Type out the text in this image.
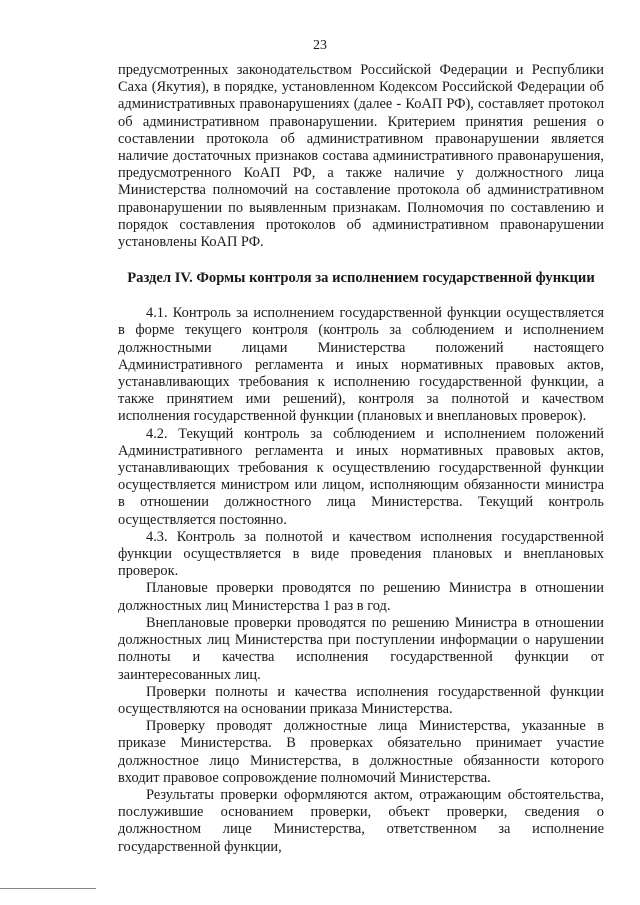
23

предусмотренных законодательством Российской Федерации и Республики Саха (Якутия), в порядке, установленном Кодексом Российской Федерации об административных правонарушениях (далее - КоАП РФ), составляет протокол об административном правонарушении. Критерием принятия решения о составлении протокола об административном правонарушении является наличие достаточных признаков состава административного правонарушения, предусмотренного КоАП РФ, а также наличие у должностного лица Министерства полномочий на составление протокола об административном правонарушении по выявленным признакам. Полномочия по составлению и порядок составления протоколов об административном правонарушении установлены КоАП РФ.

Раздел IV. Формы контроля за исполнением государственной функции

4.1. Контроль за исполнением государственной функции осуществляется в форме текущего контроля (контроль за соблюдением и исполнением должностными лицами Министерства положений настоящего Административного регламента и иных нормативных правовых актов, устанавливающих требования к исполнению государственной функции, а также принятием ими решений), контроля за полнотой и качеством исполнения государственной функции (плановых и внеплановых проверок).

4.2. Текущий контроль за соблюдением и исполнением положений Административного регламента и иных нормативных правовых актов, устанавливающих требования к осуществлению государственной функции осуществляется министром или лицом, исполняющим обязанности министра в отношении должностного лица Министерства. Текущий контроль осуществляется постоянно.

4.3. Контроль за полнотой и качеством исполнения государственной функции осуществляется в виде проведения плановых и внеплановых проверок.

Плановые проверки проводятся по решению Министра в отношении должностных лиц Министерства 1 раз в год.

Внеплановые проверки проводятся по решению Министра в отношении должностных лиц Министерства при поступлении информации о нарушении полноты и качества исполнения государственной функции от заинтересованных лиц.

Проверки полноты и качества исполнения государственной функции осуществляются на основании приказа Министерства.

Проверку проводят должностные лица Министерства, указанные в приказе Министерства. В проверках обязательно принимает участие должностное лицо Министерства, в должностные обязанности которого входит правовое сопровождение полномочий Министерства.

Результаты проверки оформляются актом, отражающим обстоятельства, послужившие основанием проверки, объект проверки, сведения о должностном лице Министерства, ответственном за исполнение государственной функции,
